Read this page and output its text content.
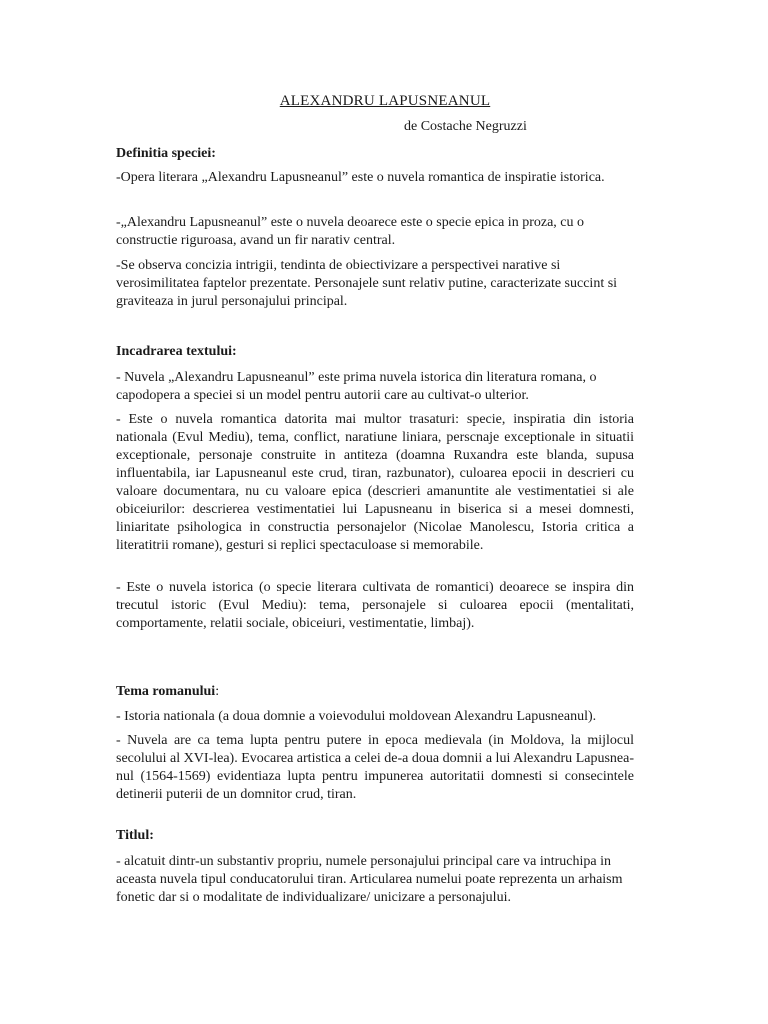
ALEXANDRU LAPUSNEANUL
de Costache Negruzzi
Definitia speciei:

-Opera literara „Alexandru Lapusneanul” este o nuvela romantica de inspiratie istorica.

-„Alexandru Lapusneanul” este o nuvela deoarece este o specie epica in proza, cu o constructie riguroasa, avand un fir narativ central.

-Se observa concizia intrigii, tendinta de obiectivizare a perspectivei narative si verosimilitatea faptelor prezentate. Personajele sunt relativ putine, caracterizate succint si graviteaza in jurul personajului principal.

Incadrarea textului:

- Nuvela „Alexandru Lapusneanul” este prima nuvela istorica din literatura romana, o capodopera a speciei si un model pentru autorii care au cultivat-o ulterior.

- Este o nuvela romantica datorita mai multor trasaturi: specie, inspiratia din istoria nationala (Evul Mediu), tema, conflict, naratiune liniara, perscnaje exceptionale in situatii exceptionale, personaje construite in antiteza (doamna Ruxandra este blanda, supusa influentabila, iar Lapusneanul este crud, tiran, razbunator), culoarea epocii in descrieri cu valoare documentara, nu cu valoare epica (descrieri amanuntite ale vestimentatiei si ale obiceiurilor: descrierea vestimentatiei lui Lapusneanu in biserica si a mesei domnesti, liniaritate psihologica in constructia personajelor (Nicolae Manolescu, Istoria critica a literatitrii romane), gesturi si replici spectaculoase si memorabile.

- Este o nuvela istorica (o specie literara cultivata de romantici) deoarece se inspira din trecutul istoric (Evul Mediu): tema, personajele si culoarea epocii (mentalitati, comportamente, relatii sociale, obiceiuri, vestimentatie, limbaj).

Tema romanului:

- Istoria nationala (a doua domnie a voievodului moldovean Alexandru Lapusneanul).

- Nuvela are ca tema lupta pentru putere in epoca medievala (in Moldova, la mijlocul secolului al XVI-lea). Evocarea artistica a celei de-a doua domnii a lui Alexandru Lapusnea-nul (1564-1569) evidentiaza lupta pentru impunerea autoritatii domnesti si consecintele detinerii puterii de un domnitor crud, tiran.

Titlul:

- alcatuit dintr-un substantiv propriu, numele personajului principal care va intruchipa in aceasta nuvela tipul conducatorului tiran. Articularea numelui poate reprezenta un arhaism fonetic dar si o modalitate de individualizare/ unicizare a personajului.
